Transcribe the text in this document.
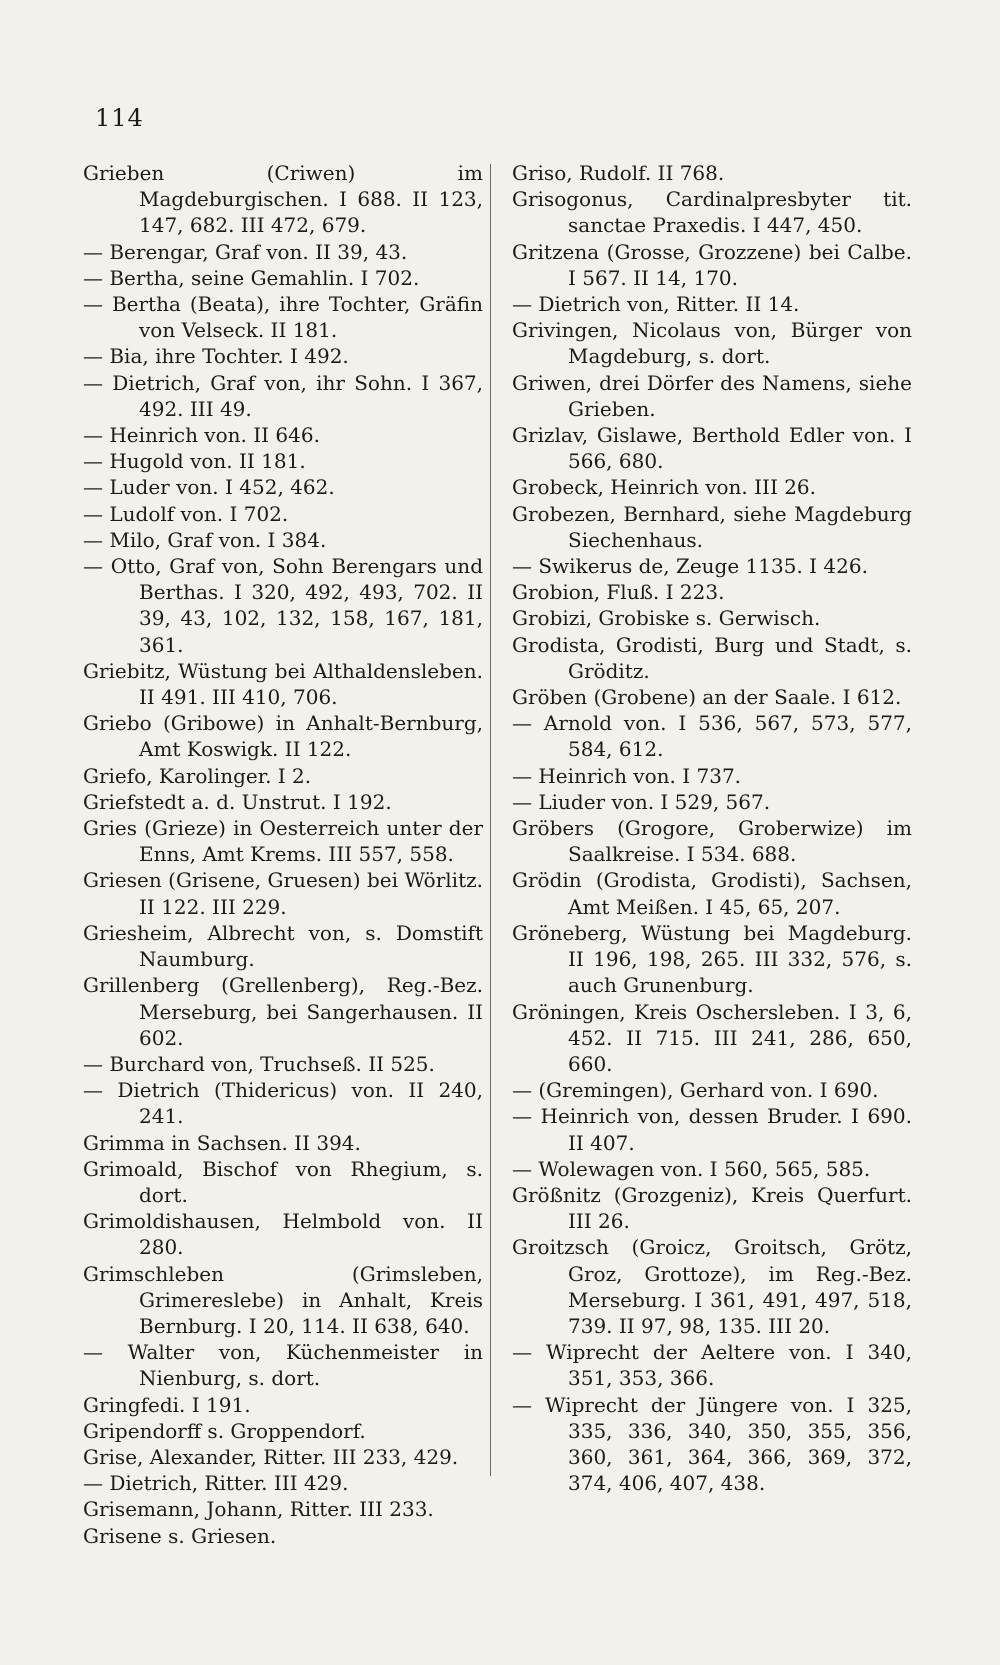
114

Grieben (Criwen) im Magdeburgischen. I 688. II 123, 147, 682. III 472, 679.

— Berengar, Graf von. II 39, 43.

— Bertha, seine Gemahlin. I 702.

— Bertha (Beata), ihre Tochter, Gräfin von Velseck. II 181.

— Bia, ihre Tochter. I 492.

— Dietrich, Graf von, ihr Sohn. I 367, 492. III 49.

— Heinrich von. II 646.

— Hugold von. II 181.

— Luder von. I 452, 462.

— Ludolf von. I 702.

— Milo, Graf von. I 384.

— Otto, Graf von, Sohn Berengars und Berthas. I 320, 492, 493, 702. II 39, 43, 102, 132, 158, 167, 181, 361.

Griebitz, Wüstung bei Althaldensleben. II 491. III 410, 706.

Griebo (Gribowe) in Anhalt-Bernburg, Amt Koswigk. II 122.

Griefo, Karolinger. I 2.

Griefstedt a. d. Unstrut. I 192.

Gries (Grieze) in Oesterreich unter der Enns, Amt Krems. III 557, 558.

Griesen (Grisene, Gruesen) bei Wörlitz. II 122. III 229.

Griesheim, Albrecht von, s. Domstift Naumburg.

Grillenberg (Grellenberg), Reg.-Bez. Merseburg, bei Sangerhausen. II 602.

— Burchard von, Truchseß. II 525.

— Dietrich (Thidericus) von. II 240, 241.

Grimma in Sachsen. II 394.

Grimoald, Bischof von Rhegium, s. dort.

Grimoldishausen, Helmbold von. II 280.

Grimschleben (Grimsleben, Grimereslebe) in Anhalt, Kreis Bernburg. I 20, 114. II 638, 640.

— Walter von, Küchenmeister in Nienburg, s. dort.

Gringfedi. I 191.

Gripendorff s. Groppendorf.

Grise, Alexander, Ritter. III 233, 429.

— Dietrich, Ritter. III 429.

Grisemann, Johann, Ritter. III 233.

Grisene s. Griesen.

Griso, Rudolf. II 768.

Grisogonus, Cardinalpresbyter tit. sanctae Praxedis. I 447, 450.

Gritzena (Grosse, Grozzene) bei Calbe. I 567. II 14, 170.

— Dietrich von, Ritter. II 14.

Grivingen, Nicolaus von, Bürger von Magdeburg, s. dort.

Griwen, drei Dörfer des Namens, siehe Grieben.

Grizlav, Gislawe, Berthold Edler von. I 566, 680.

Grobeck, Heinrich von. III 26.

Grobezen, Bernhard, siehe Magdeburg Siechenhaus.

— Swikerus de, Zeuge 1135. I 426.

Grobion, Fluß. I 223.

Grobizi, Grobiske s. Gerwisch.

Grodista, Grodisti, Burg und Stadt, s. Gröditz.

Gröben (Grobene) an der Saale. I 612.

— Arnold von. I 536, 567, 573, 577, 584, 612.

— Heinrich von. I 737.

— Liuder von. I 529, 567.

Gröbers (Grogore, Groberwize) im Saalkreise. I 534. 688.

Grödin (Grodista, Grodisti), Sachsen, Amt Meißen. I 45, 65, 207.

Gröneberg, Wüstung bei Magdeburg. II 196, 198, 265. III 332, 576, s. auch Grunenburg.

Gröningen, Kreis Oschersleben. I 3, 6, 452. II 715. III 241, 286, 650, 660.

— (Gremingen), Gerhard von. I 690.

— Heinrich von, dessen Bruder. I 690. II 407.

— Wolewagen von. I 560, 565, 585.

Größnitz (Grozgeniz), Kreis Querfurt. III 26.

Groitzsch (Groicz, Groitsch, Grötz, Groz, Grottoze), im Reg.-Bez. Merseburg. I 361, 491, 497, 518, 739. II 97, 98, 135. III 20.

— Wiprecht der Aeltere von. I 340, 351, 353, 366.

— Wiprecht der Jüngere von. I 325, 335, 336, 340, 350, 355, 356, 360, 361, 364, 366, 369, 372, 374, 406, 407, 438.
